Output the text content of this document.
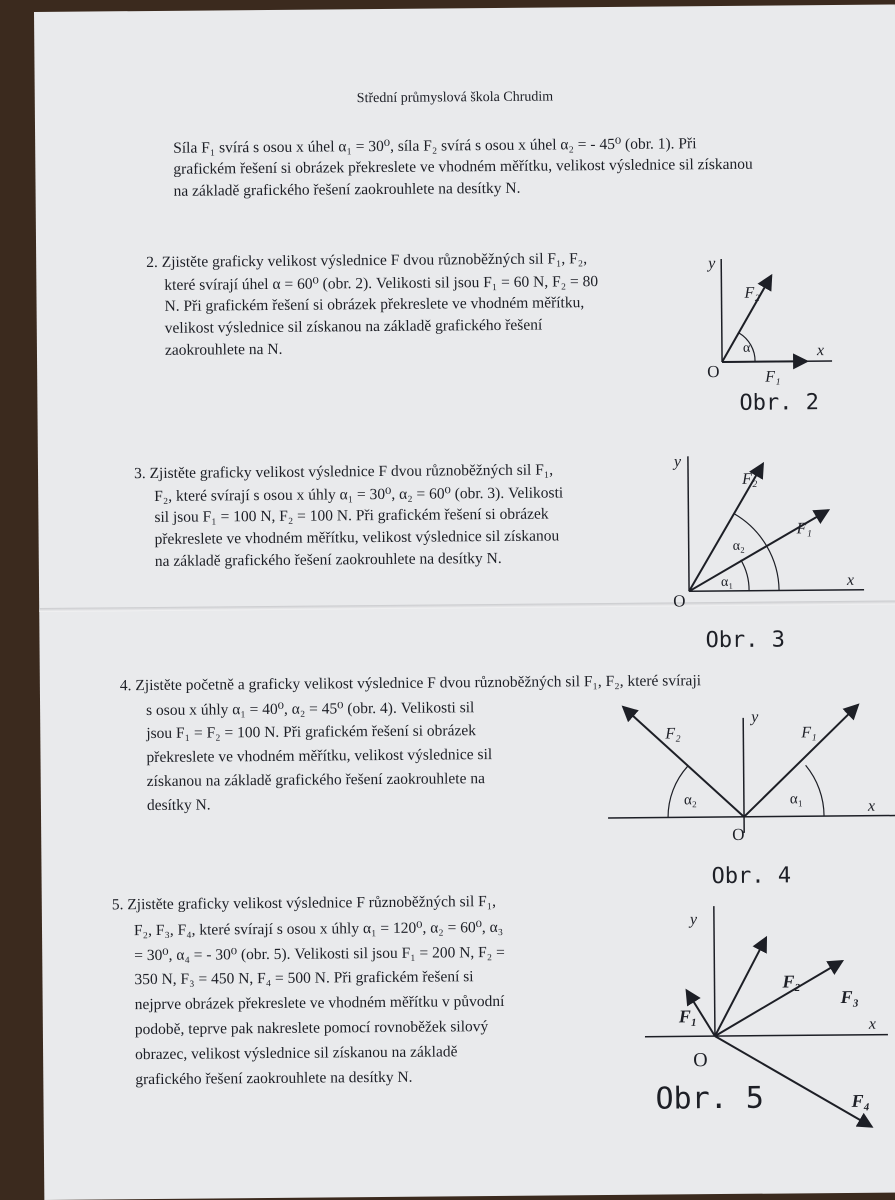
Střední průmyslová škola Chrudim
Síla F₁ svírá s osou x úhel α₁ = 30⁰, síla F₂ svírá s osou x úhel α₂ = - 45⁰ (obr. 1). Při
grafickém řešení si obrázek překreslete ve vhodném měřítku, velikost výslednice sil získanou
na základě grafického řešení zaokrouhlete na desítky N.
2. Zjistěte graficky velikost výslednice F dvou různoběžných sil F₁, F₂,
které svírají úhel α = 60⁰ (obr. 2). Velikosti sil jsou F₁ = 60 N, F₂ = 80
N. Při grafickém řešení si obrázek překreslete ve vhodném měřítku,
velikost výslednice sil získanou na základě grafického řešení
zaokrouhlete na N.
y
x
O
α
F₂
F₁
Obr. 2
3. Zjistěte graficky velikost výslednice F dvou různoběžných sil F₁,
F₂, které svírají s osou x úhly α₁ = 30⁰, α₂ = 60⁰ (obr. 3). Velikosti
sil jsou F₁ = 100 N, F₂ = 100 N. Při grafickém řešení si obrázek
překreslete ve vhodném měřítku, velikost výslednice sil získanou
na základě grafického řešení zaokrouhlete na desítky N.
y
x
O
α₁
α₂
F₂
F₁
Obr. 3
4. Zjistěte početně a graficky velikost výslednice F dvou různoběžných sil F₁, F₂, které svíraji
s osou x úhly α₁ = 40⁰, α₂ = 45⁰ (obr. 4). Velikosti sil
jsou F₁ = F₂ = 100 N. Při grafickém řešení si obrázek
překreslete ve vhodném měřítku, velikost výslednice sil
získanou na základě grafického řešení zaokrouhlete na
desítky N.
y
x
O
α₁
α₂
F₂	F₁
Obr. 4
5. Zjistěte graficky velikost výslednice F různoběžných sil F₁,
F₂, F₃, F₄, které svírají s osou x úhly α₁ = 120⁰, α₂ = 60⁰, α₃
= 30⁰, α₄ = - 30⁰ (obr. 5). Velikosti sil jsou F₁ = 200 N, F₂ =
350 N, F₃ = 450 N, F₄ = 500 N. Při grafickém řešení si
nejprve obrázek překreslete ve vhodném měřítku v původní
podobě, teprve pak nakreslete pomocí rovnoběžek silový
obrazec, velikost výslednice sil získanou na základě
grafického řešení zaokrouhlete na desítky N.
y
x
O
F₁
F₂
F₃
F₄
Obr. 5
